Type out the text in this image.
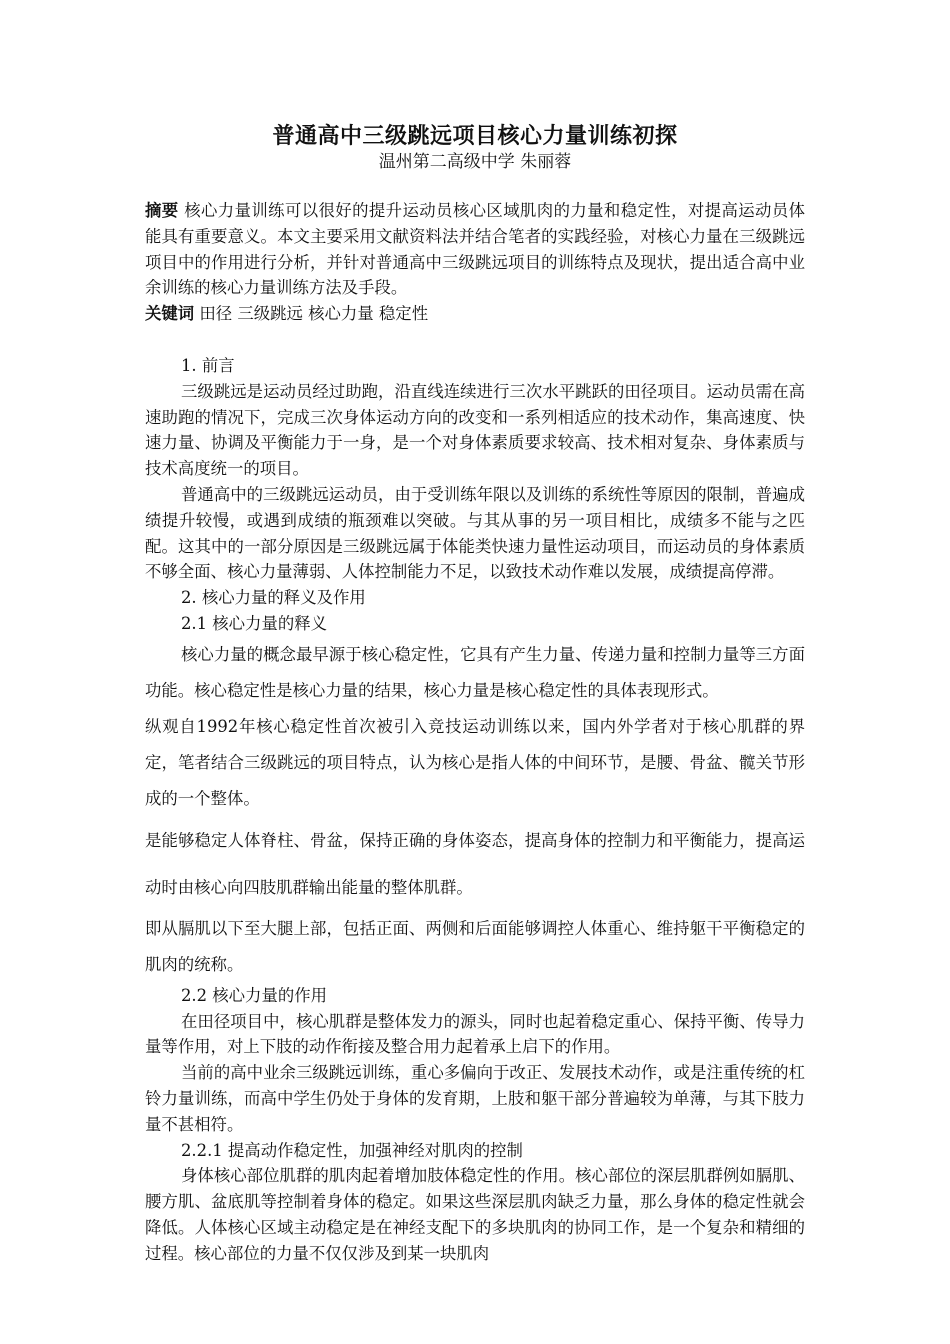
普通高中三级跳远项目核心力量训练初探
温州第二高级中学 朱丽蓉

摘要 核心力量训练可以很好的提升运动员核心区域肌肉的力量和稳定性，对提高运动员体能具有重要意义。本文主要采用文献资料法并结合笔者的实践经验，对核心力量在三级跳远项目中的作用进行分析，并针对普通高中三级跳远项目的训练特点及现状，提出适合高中业余训练的核心力量训练方法及手段。

关键词 田径 三级跳远 核心力量 稳定性

1. 前言

三级跳远是运动员经过助跑，沿直线连续进行三次水平跳跃的田径项目。运动员需在高速助跑的情况下，完成三次身体运动方向的改变和一系列相适应的技术动作，集高速度、快速力量、协调及平衡能力于一身，是一个对身体素质要求较高、技术相对复杂、身体素质与技术高度统一的项目。

普通高中的三级跳远运动员，由于受训练年限以及训练的系统性等原因的限制，普遍成绩提升较慢，或遇到成绩的瓶颈难以突破。与其从事的另一项目相比，成绩多不能与之匹配。这其中的一部分原因是三级跳远属于体能类快速力量性运动项目，而运动员的身体素质不够全面、核心力量薄弱、人体控制能力不足，以致技术动作难以发展，成绩提高停滞。

2. 核心力量的释义及作用

2.1 核心力量的释义

核心力量的概念最早源于核心稳定性，它具有产生力量、传递力量和控制力量等三方面功能。核心稳定性是核心力量的结果，核心力量是核心稳定性的具体表现形式。

纵观自1992年核心稳定性首次被引入竞技运动训练以来，国内外学者对于核心肌群的界定，笔者结合三级跳远的项目特点，认为核心是指人体的中间环节，是腰、骨盆、髋关节形成的一个整体。

是能够稳定人体脊柱、骨盆，保持正确的身体姿态，提高身体的控制力和平衡能力，提高运动时由核心向四肢肌群输出能量的整体肌群。

即从膈肌以下至大腿上部，包括正面、两侧和后面能够调控人体重心、维持躯干平衡稳定的肌肉的统称。

2.2 核心力量的作用

在田径项目中，核心肌群是整体发力的源头，同时也起着稳定重心、保持平衡、传导力量等作用，对上下肢的动作衔接及整合用力起着承上启下的作用。

当前的高中业余三级跳远训练，重心多偏向于改正、发展技术动作，或是注重传统的杠铃力量训练，而高中学生仍处于身体的发育期，上肢和躯干部分普遍较为单薄，与其下肢力量不甚相符。

2.2.1 提高动作稳定性，加强神经对肌肉的控制

身体核心部位肌群的肌肉起着增加肢体稳定性的作用。核心部位的深层肌群例如膈肌、腰方肌、盆底肌等控制着身体的稳定。如果这些深层肌肉缺乏力量，那么身体的稳定性就会降低。人体核心区域主动稳定是在神经支配下的多块肌肉的协同工作，是一个复杂和精细的过程。核心部位的力量不仅仅涉及到某一块肌肉
